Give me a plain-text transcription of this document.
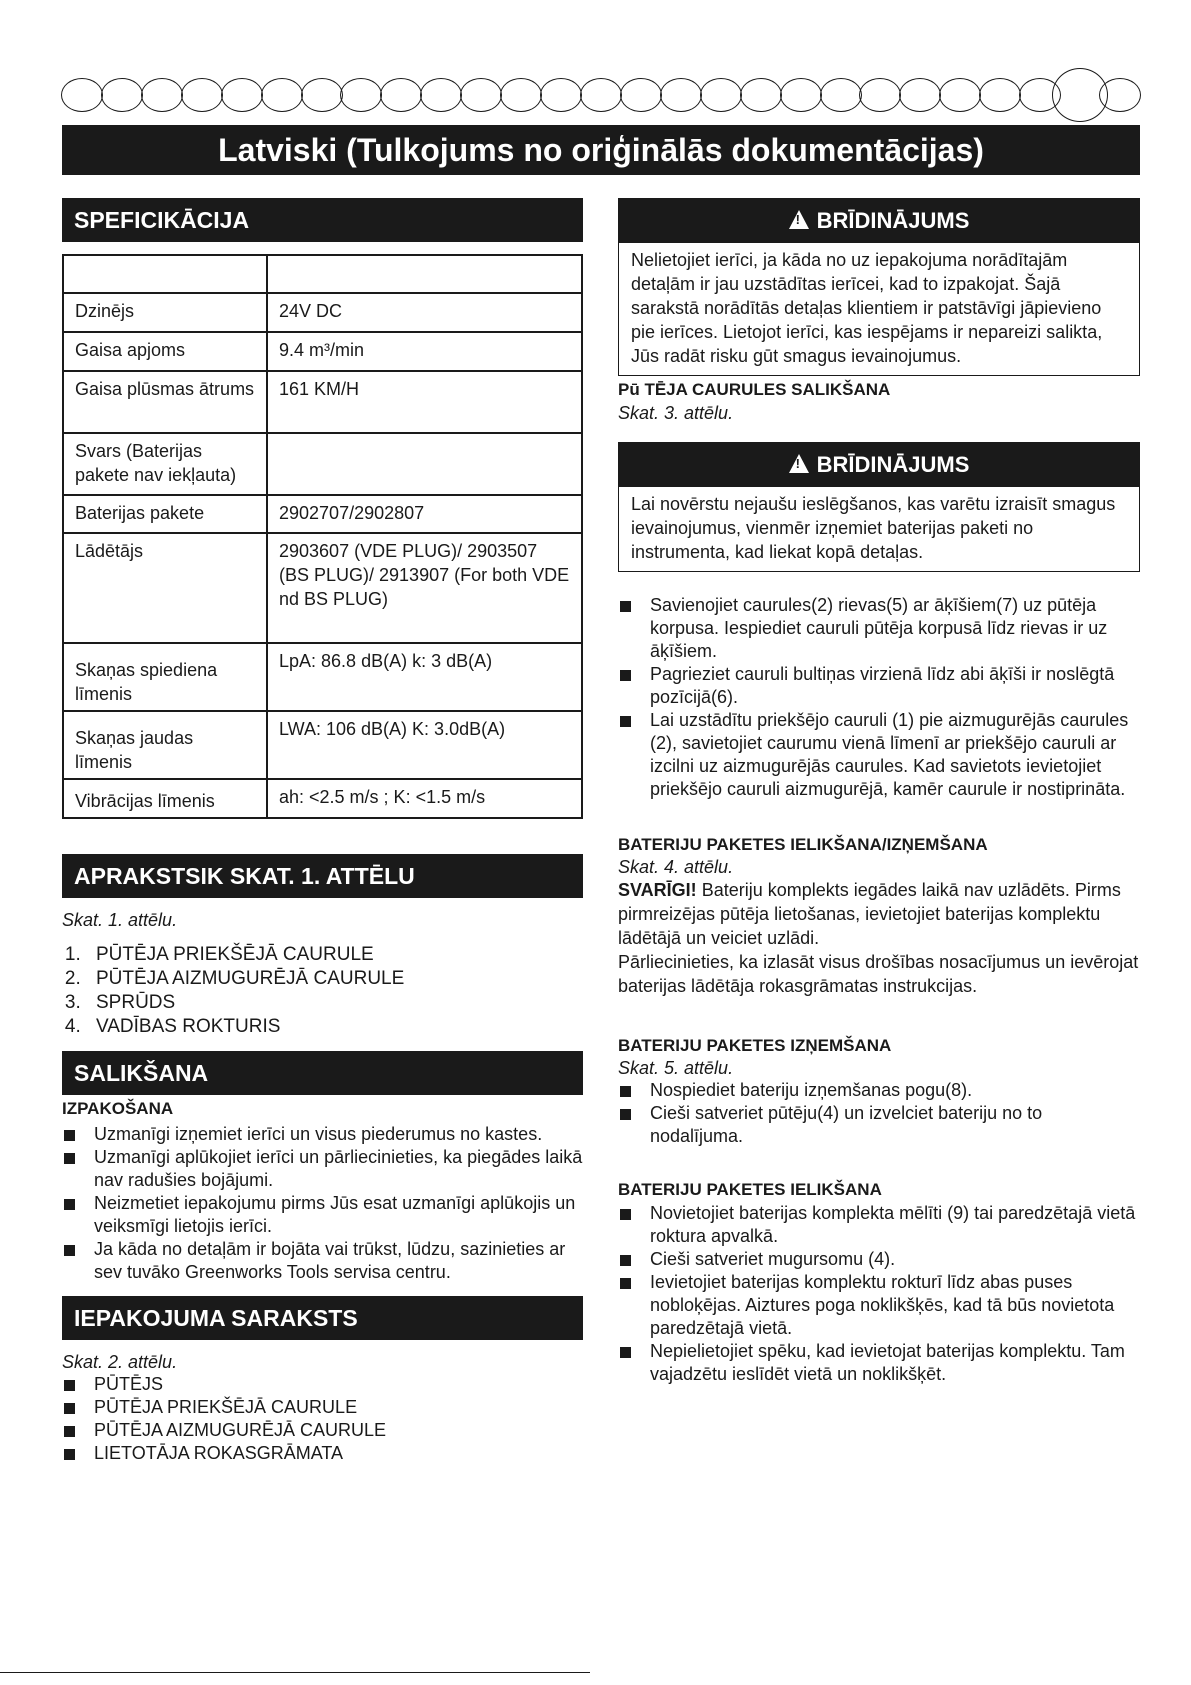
Latviski (Tulkojums no oriģinālās dokumentācijas)
SPEFICIKĀCIJA

Dzinējs	24V DC
Gaisa apjoms	9.4 m³/min
Gaisa plūsmas ātrums	161 KM/H
Svars (Baterijas pakete nav iekļauta)	
Baterijas pakete	2902707/2902807
Lādētājs	2903607 (VDE PLUG)/ 2903507 (BS PLUG)/ 2913907 (For both VDE nd BS PLUG)
Skaņas spiediena līmenis	LpA: 86.8 dB(A) k: 3 dB(A)
Skaņas jaudas līmenis	LWA: 106 dB(A) K: 3.0dB(A)
Vibrācijas līmenis	ah: <2.5 m/s ; K: <1.5 m/s
APRAKSTSIK SKAT. 1. ATTĒLU
Skat. 1. attēlu.
1. PŪTĒJA PRIEKŠĒJĀ CAURULE
2. PŪTĒJA AIZMUGURĒJĀ CAURULE
3. SPRŪDS
4. VADĪBAS ROKTURIS
SALIKŠANA

IZPAKOŠANA

Uzmanīgi izņemiet ierīci un visus piederumus no kastes.
Uzmanīgi aplūkojiet ierīci un pārliecinieties, ka piegādes laikā nav radušies bojājumi.
Neizmetiet iepakojumu pirms Jūs esat uzmanīgi aplūkojis un veiksmīgi lietojis ierīci.
Ja kāda no detaļām ir bojāta vai trūkst, lūdzu, sazinieties ar sev tuvāko Greenworks Tools servisa centru.
IEPAKOJUMA SARAKSTS
Skat. 2. attēlu.
PŪTĒJS
PŪTĒJA PRIEKŠĒJĀ CAURULE
PŪTĒJA AIZMUGURĒJĀ CAURULE
LIETOTĀJA ROKASGRĀMATA
! BRĪDINĀJUMS
Nelietojiet ierīci, ja kāda no uz iepakojuma norādītajām detaļām ir jau uzstādītas ierīcei, kad to izpakojat. Šajā sarakstā norādītās detaļas klientiem ir patstāvīgi jāpievieno pie ierīces. Lietojot ierīci, kas iespējams ir nepareizi salikta, Jūs radāt risku gūt smagus ievainojumus.

Pū TĒJA CAURULES SALIKŠANA

Skat. 3. attēlu.
! BRĪDINĀJUMS
Lai novērstu nejaušu ieslēgšanos, kas varētu izraisīt smagus ievainojumus, vienmēr izņemiet baterijas paketi no instrumenta, kad liekat kopā detaļas.
Savienojiet caurules(2) rievas(5) ar āķīšiem(7) uz pūtēja korpusa. Iespiediet cauruli pūtēja korpusā līdz rievas ir uz āķīšiem.
Pagrieziet cauruli bultiņas virzienā līdz abi āķīši ir noslēgtā pozīcijā(6).
Lai uzstādītu priekšējo cauruli (1) pie aizmugurējās caurules (2), savietojiet caurumu vienā līmenī ar priekšējo cauruli ar izcilni uz aizmugurējās caurules. Kad savietots ievietojiet priekšējo cauruli aizmugurējā, kamēr caurule ir nostiprināta.

BATERIJU PAKETES IELIKŠANA/IZŅEMŠANA

Skat. 4. attēlu.

SVARĪGI! Bateriju komplekts iegādes laikā nav uzlādēts. Pirms pirmreizējas pūtēja lietošanas, ievietojiet baterijas komplektu lādētājā un veiciet uzlādi.

Pārliecinieties, ka izlasāt visus drošības nosacījumus un ievērojat baterijas lādētāja rokasgrāmatas instrukcijas.

BATERIJU PAKETES IZŅEMŠANA

Skat. 5. attēlu.
Nospiediet bateriju izņemšanas pogu(8).
Cieši satveriet pūtēju(4) un izvelciet bateriju no to nodalījuma.

BATERIJU PAKETES IELIKŠANA

Novietojiet baterijas komplekta mēlīti (9) tai paredzētajā vietā roktura apvalkā.
Cieši satveriet mugursomu (4).
Ievietojiet baterijas komplektu rokturī līdz abas puses nobloķējas. Aiztures poga noklikšķēs, kad tā būs novietota paredzētajā vietā.
Nepielietojiet spēku, kad ievietojat baterijas komplektu. Tam vajadzētu ieslīdēt vietā un noklikšķēt.
